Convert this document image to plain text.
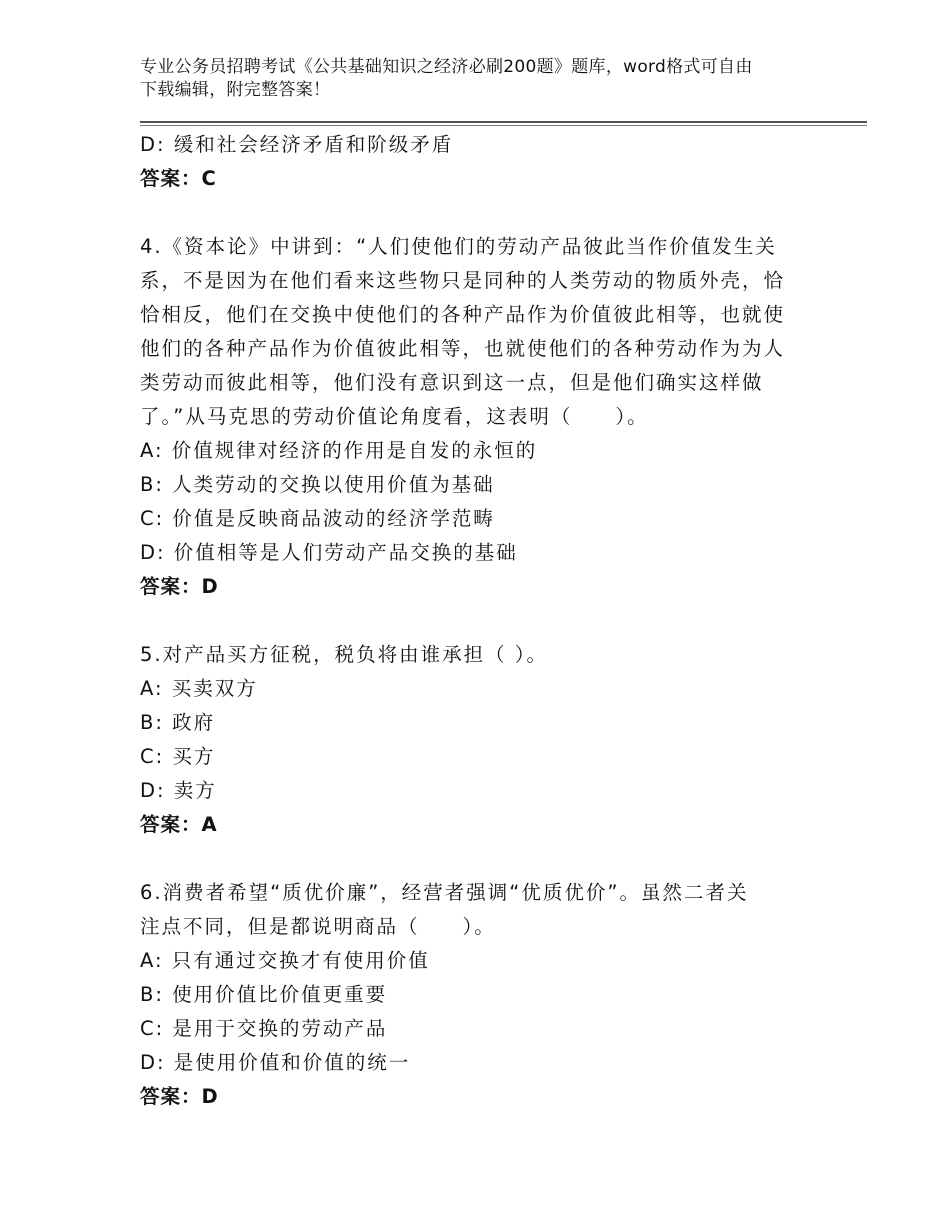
专业公务员招聘考试《公共基础知识之经济必刷200题》题库，word格式可自由
下载编辑，附完整答案！
D: 缓和社会经济矛盾和阶级矛盾
答案：C
4.《资本论》中讲到：“人们使他们的劳动产品彼此当作价值发生关
系，不是因为在他们看来这些物只是同种的人类劳动的物质外壳，恰
恰相反，他们在交换中使他们的各种产品作为价值彼此相等，也就使
他们的各种产品作为价值彼此相等，也就使他们的各种劳动作为为人
类劳动而彼此相等，他们没有意识到这一点，但是他们确实这样做
了。”从马克思的劳动价值论角度看，这表明（　　）。
A: 价值规律对经济的作用是自发的永恒的
B: 人类劳动的交换以使用价值为基础
C: 价值是反映商品波动的经济学范畴
D: 价值相等是人们劳动产品交换的基础
答案：D
5.对产品买方征税，税负将由谁承担（ ）。
A: 买卖双方
B: 政府
C: 买方
D: 卖方
答案：A
6.消费者希望“质优价廉”，经营者强调“优质优价”。虽然二者关
注点不同，但是都说明商品（　　）。
A: 只有通过交换才有使用价值
B: 使用价值比价值更重要
C: 是用于交换的劳动产品
D: 是使用价值和价值的统一
答案：D
